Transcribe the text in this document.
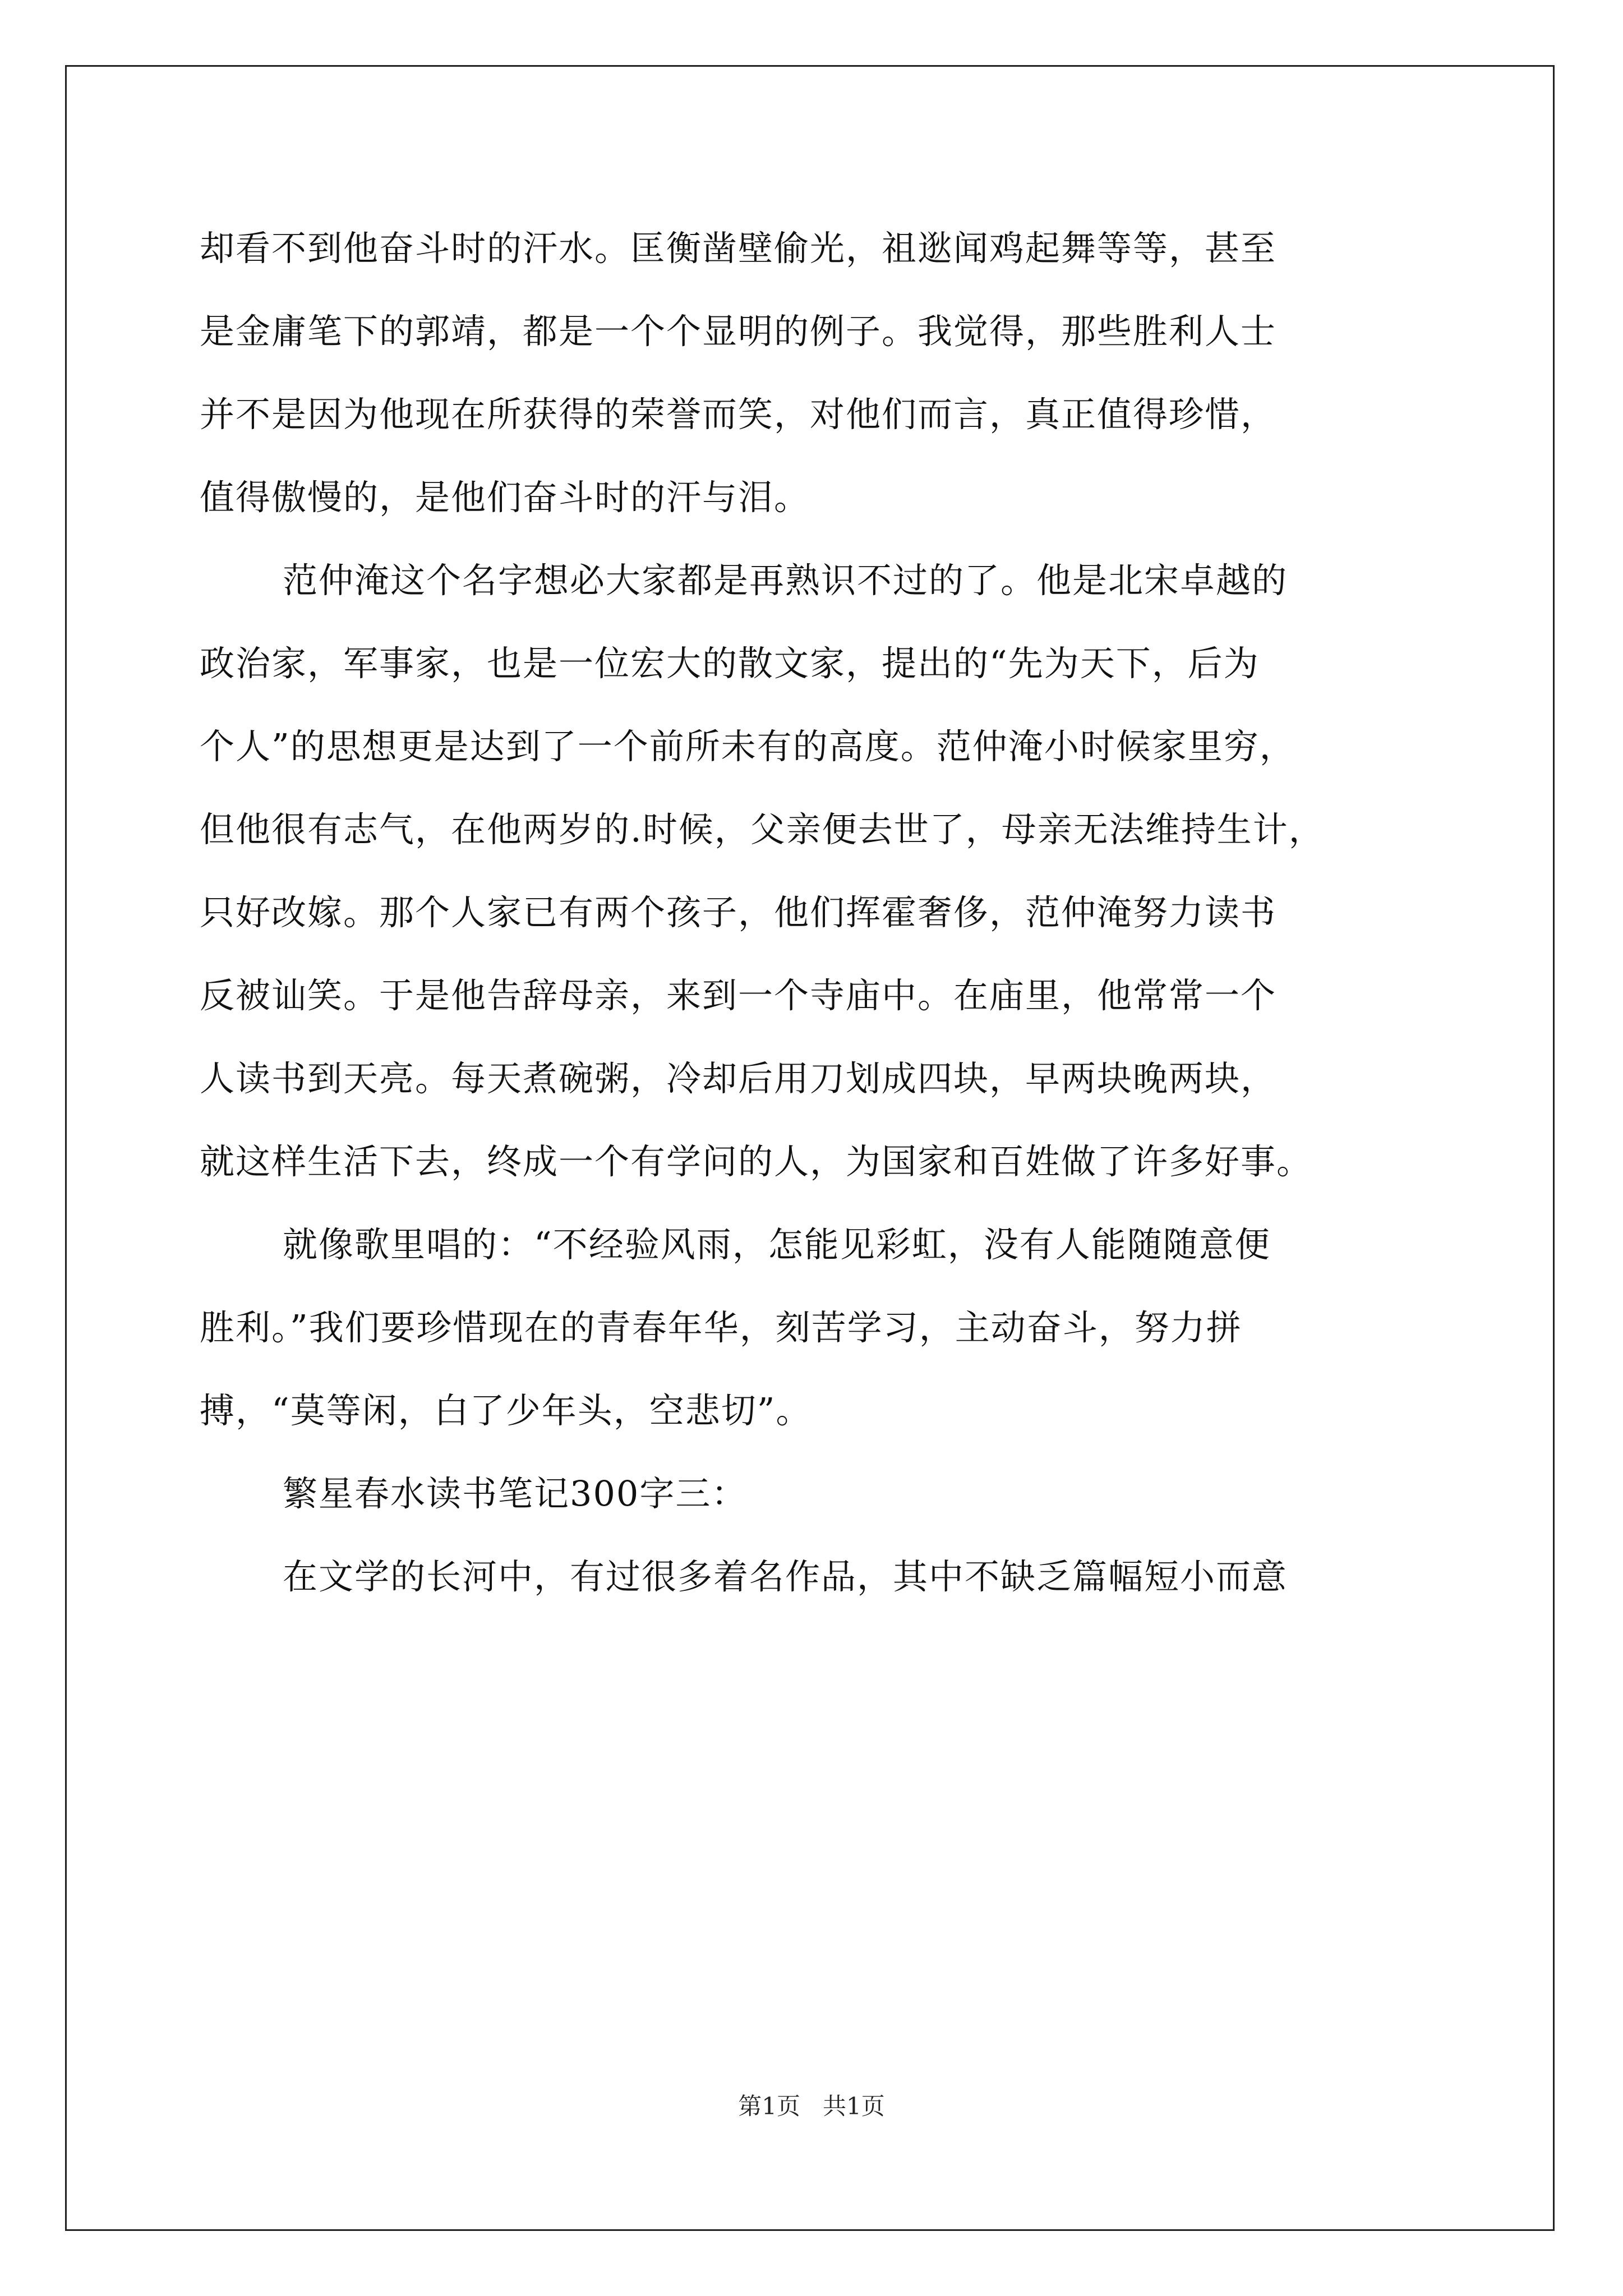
却看不到他奋斗时的汗水。匡衡凿壁偷光，祖逖闻鸡起舞等等，甚至
是金庸笔下的郭靖，都是一个个显明的例子。我觉得，那些胜利人士
并不是因为他现在所获得的荣誉而笑，对他们而言，真正值得珍惜，
值得傲慢的，是他们奋斗时的汗与泪。
范仲淹这个名字想必大家都是再熟识不过的了。他是北宋卓越的
政治家，军事家，也是一位宏大的散文家，提出的“先为天下，后为
个人”的思想更是达到了一个前所未有的高度。范仲淹小时候家里穷，
但他很有志气，在他两岁的.时候，父亲便去世了，母亲无法维持生计，
只好改嫁。那个人家已有两个孩子，他们挥霍奢侈，范仲淹努力读书
反被讪笑。于是他告辞母亲，来到一个寺庙中。在庙里，他常常一个
人读书到天亮。每天煮碗粥，冷却后用刀划成四块，早两块晚两块，
就这样生活下去，终成一个有学问的人，为国家和百姓做了许多好事。
就像歌里唱的：“不经验风雨，怎能见彩虹，没有人能随随意便
胜利。”我们要珍惜现在的青春年华，刻苦学习，主动奋斗，努力拼
搏，“莫等闲，白了少年头，空悲切”。
繁星春水读书笔记300字三：
在文学的长河中，有过很多着名作品，其中不缺乏篇幅短小而意
第1页   共1页
